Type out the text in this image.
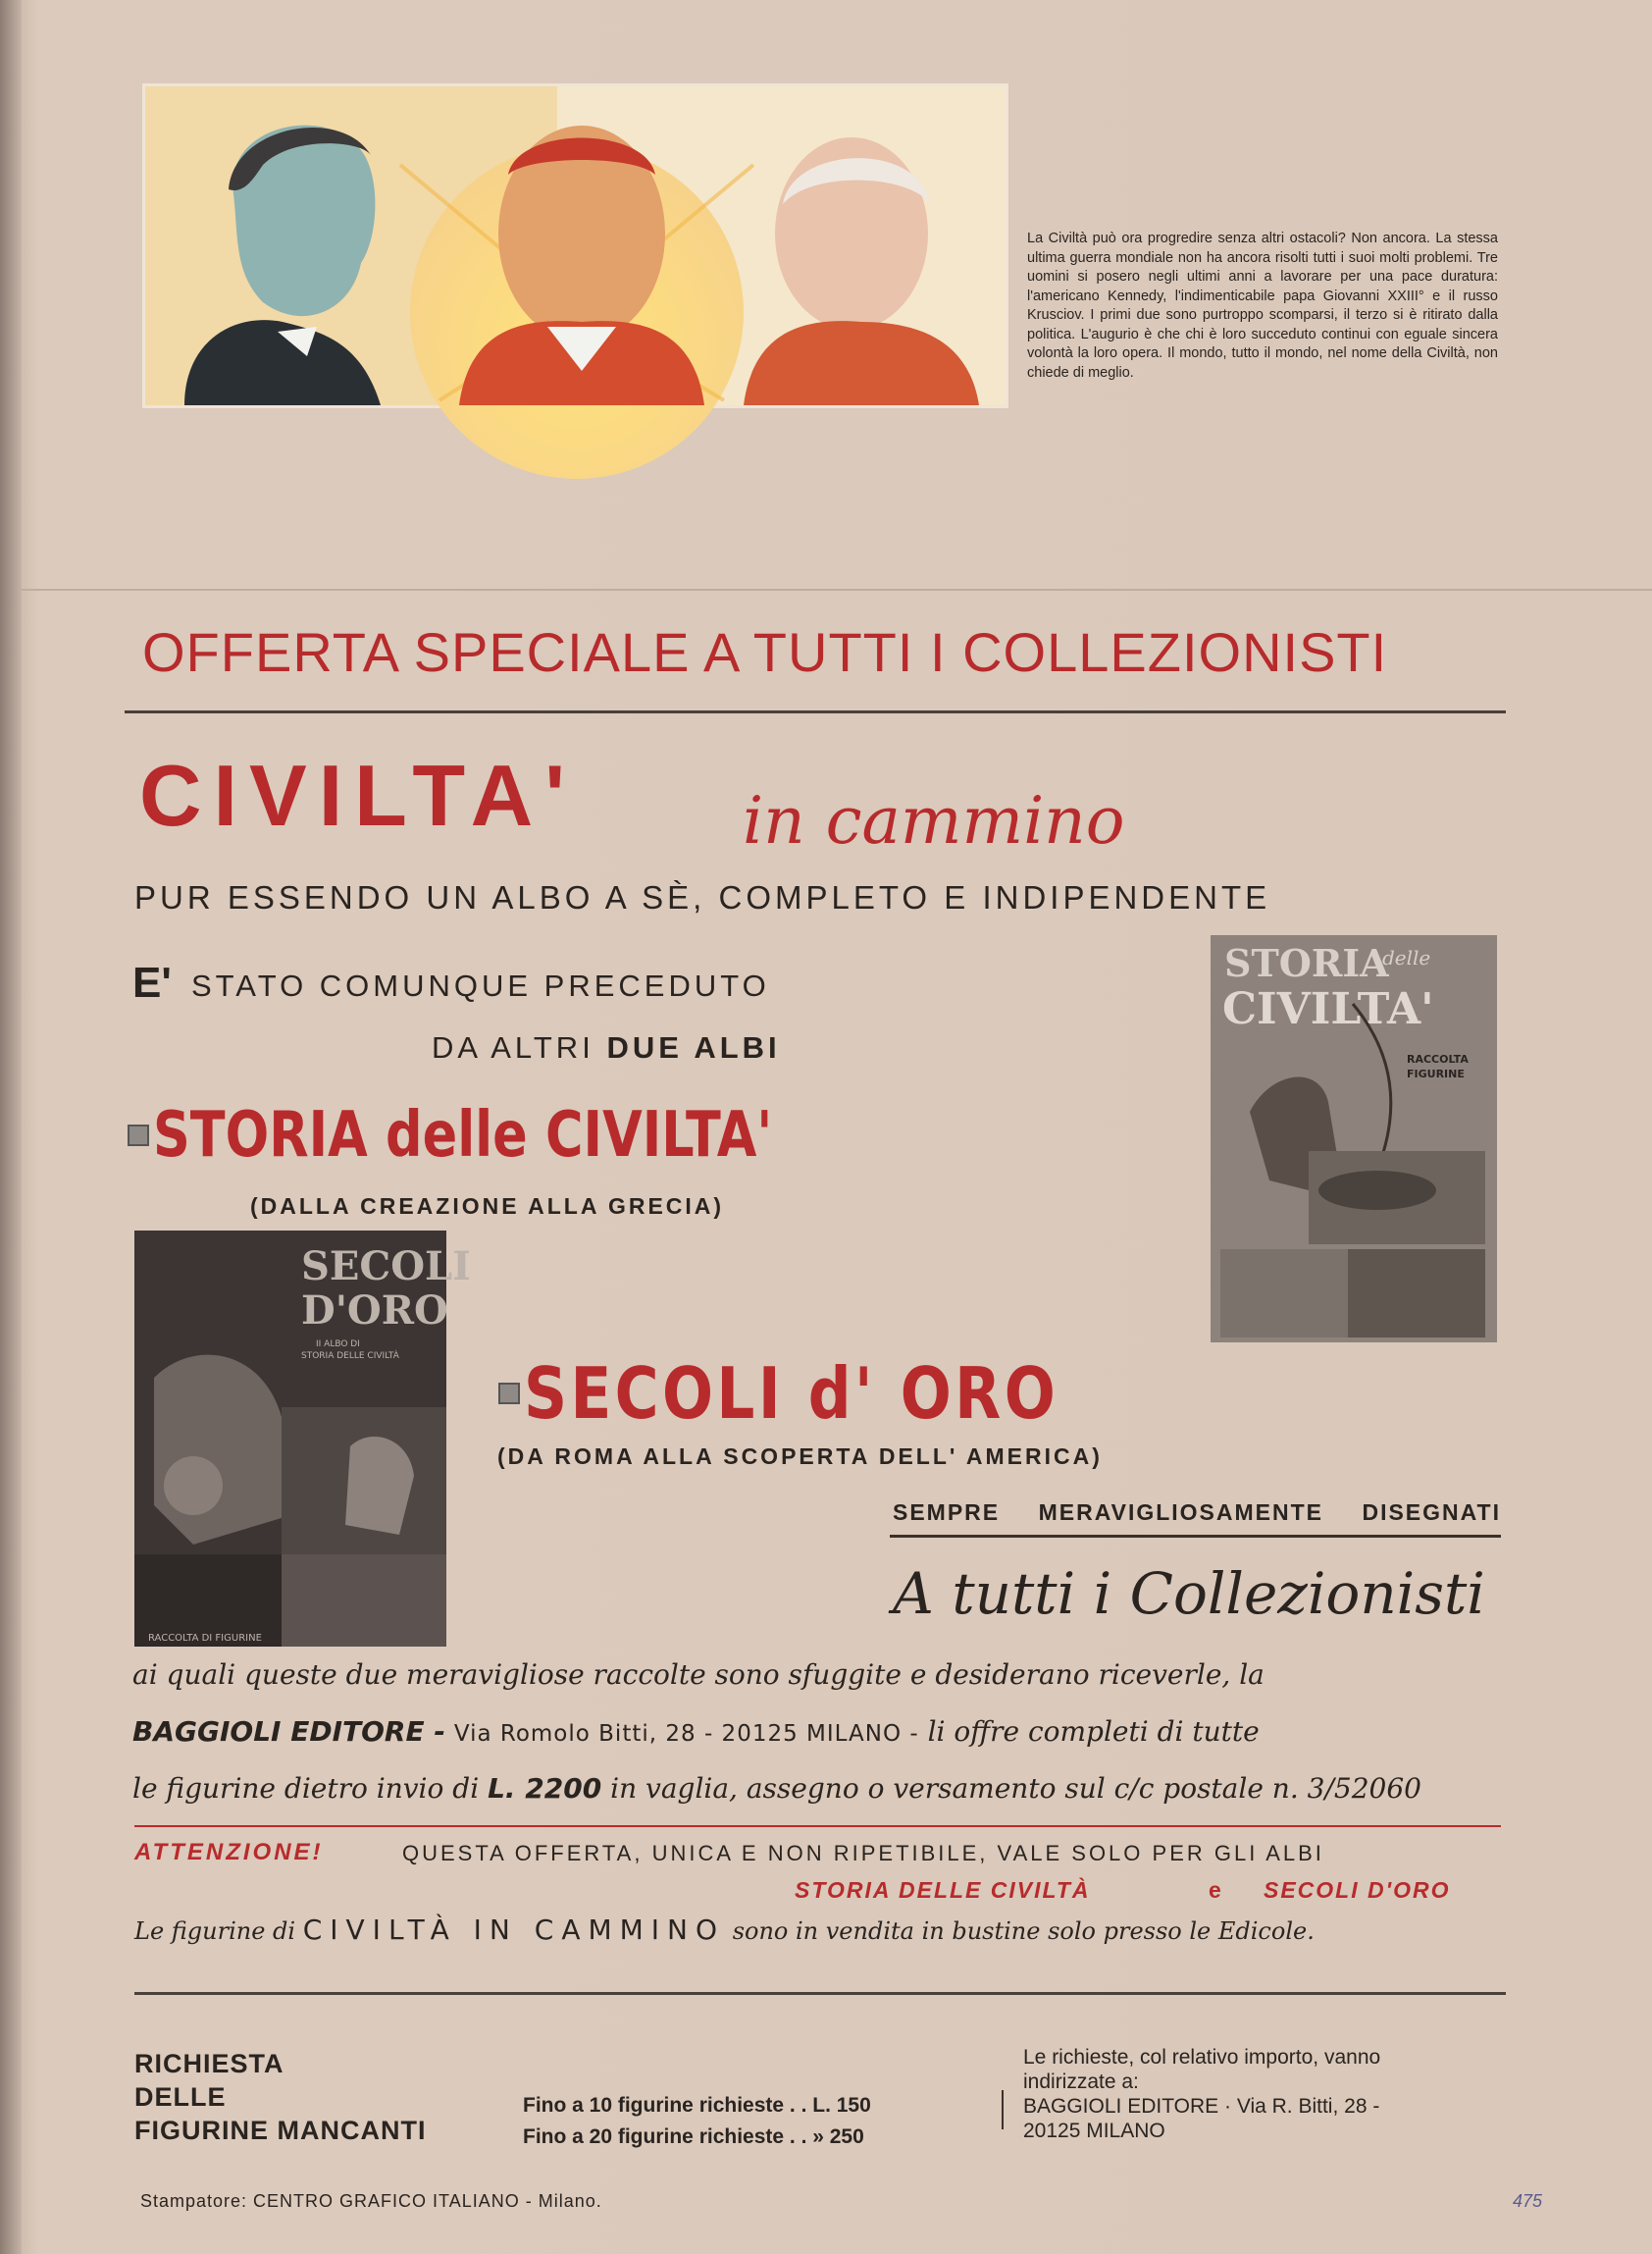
La Civiltà può ora progredire senza altri ostacoli? Non ancora. La stessa ultima guerra mondiale non ha ancora risolti tutti i suoi molti problemi. Tre uomini si posero negli ultimi anni a lavorare per una pace duratura: l'americano Kennedy, l'indimenticabile papa Giovanni XXIII° e il russo Krusciov. I primi due sono purtroppo scomparsi, il terzo si è ritirato dalla politica. L'augurio è che chi è loro succeduto continui con eguale sincera volontà la loro opera. Il mondo, tutto il mondo, nel nome della Civiltà, non chiede di meglio.
OFFERTA SPECIALE A TUTTI I COLLEZIONISTI
CIVILTA'	in cammino
PUR ESSENDO UN ALBO A SÈ, COMPLETO E INDIPENDENTE
E' STATO COMUNQUE PRECEDUTO
DA ALTRI DUE ALBI
STORIA delle CIVILTA'
(DALLA CREAZIONE ALLA GRECIA)
STORIA
delle
CIVILTA'
RACCOLTA
FIGURINE
SECOLI
D'ORO
II ALBO DI
STORIA DELLE CIVILTÀ
RACCOLTA DI FIGURINE
SECOLI d' ORO
(DA ROMA ALLA SCOPERTA DELL' AMERICA)
SEMPRE MERAVIGLIOSAMENTE DISEGNATI
A tutti i Collezionisti
ai quali queste due meravigliose raccolte sono sfuggite e desiderano riceverle, la
BAGGIOLI EDITORE - Via Romolo Bitti, 28 - 20125 MILANO - li offre completi di tutte
le figurine dietro invio di L. 2200 in vaglia, assegno o versamento sul c/c postale n. 3/52060
ATTENZIONE!	QUESTA OFFERTA, UNICA E NON RIPETIBILE, VALE SOLO PER GLI ALBI
STORIA DELLE CIVILTÀ	e SECOLI D'ORO
Le figurine di CIVILTÀ IN CAMMINO sono in vendita in bustine solo presso le Edicole.
RICHIESTA
DELLE
FIGURINE MANCANTI
Fino a 10 figurine richieste . . L. 150
Fino a 20 figurine richieste . . » 250
Le richieste, col relativo importo, vanno
indirizzate a:
BAGGIOLI EDITORE · Via R. Bitti, 28 -
20125 MILANO
Stampatore: CENTRO GRAFICO ITALIANO - Milano.	475
